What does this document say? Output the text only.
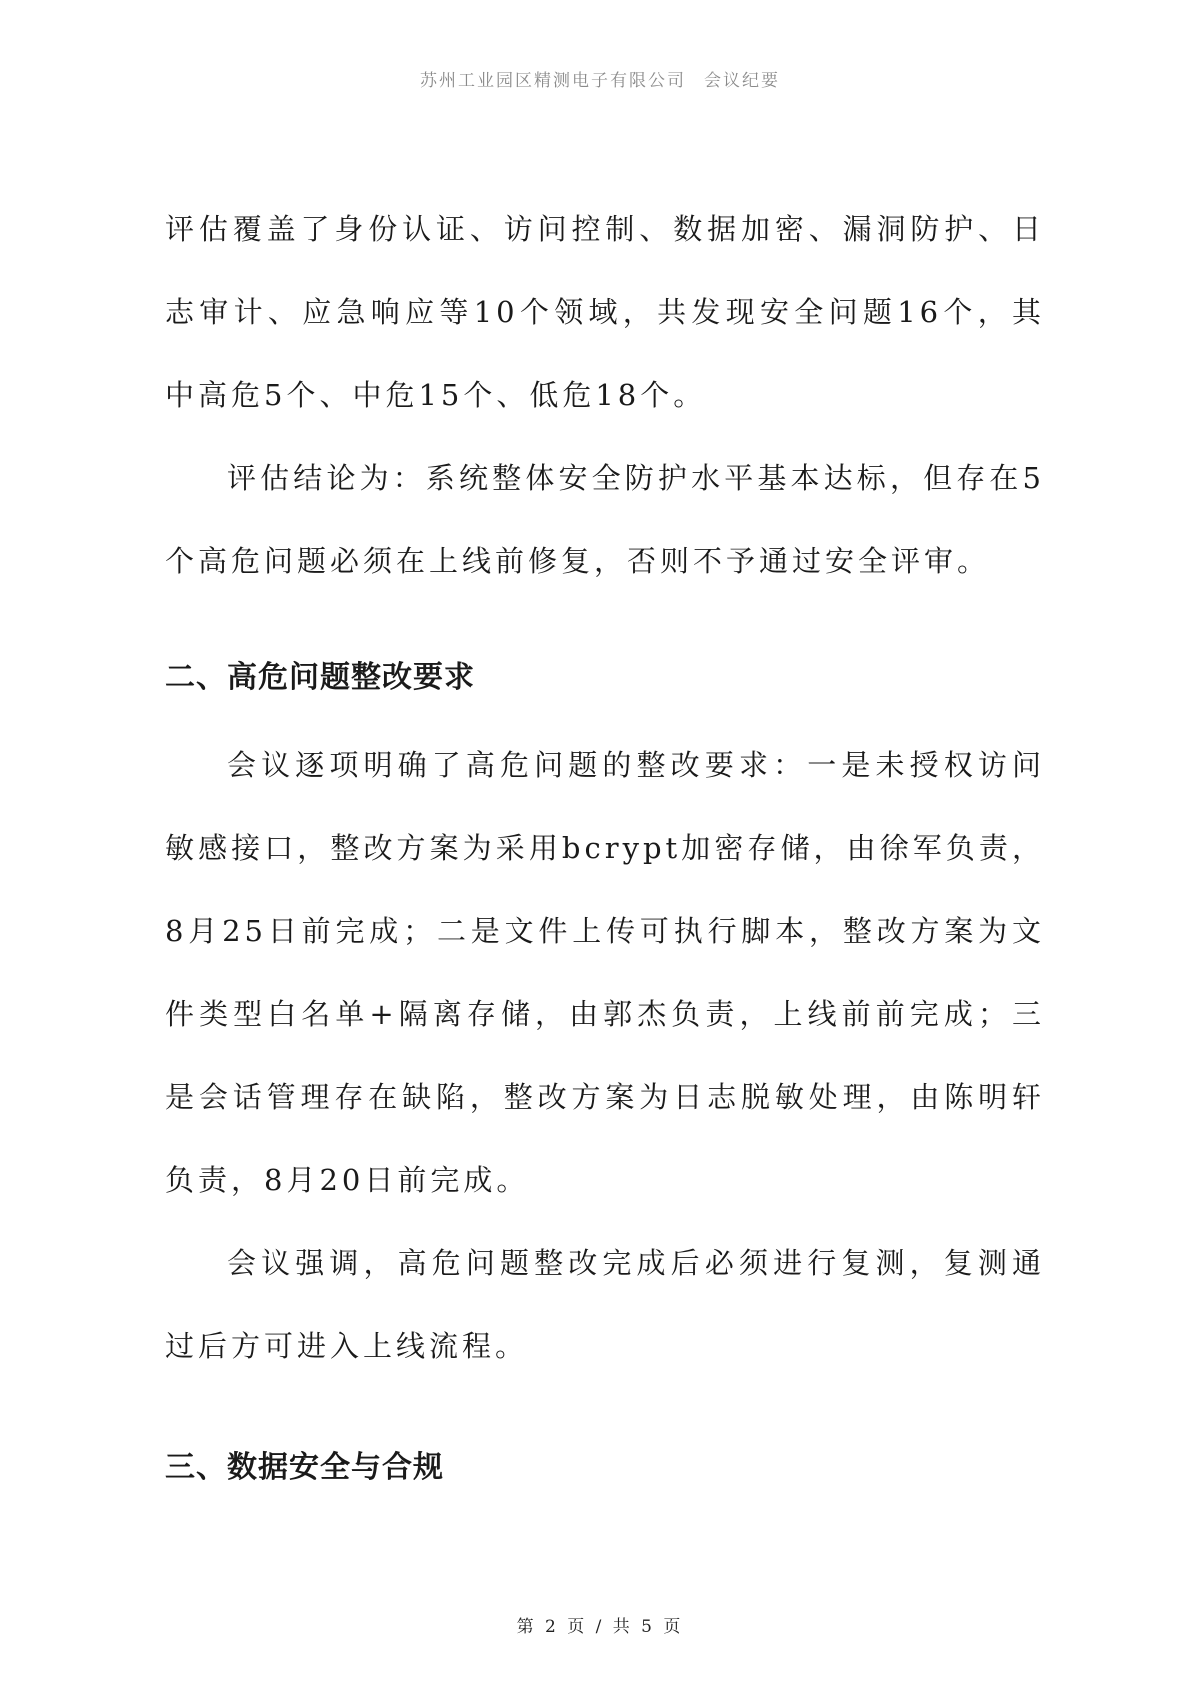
苏州工业园区精测电子有限公司 会议纪要

评估覆盖了身份认证、访问控制、数据加密、漏洞防护、日志审计、应急响应等10个领域，共发现安全问题16个，其中高危5个、中危15个、低危18个。

评估结论为：系统整体安全防护水平基本达标，但存在5个高危问题必须在上线前修复，否则不予通过安全评审。

二、高危问题整改要求

会议逐项明确了高危问题的整改要求：一是未授权访问敏感接口，整改方案为采用bcrypt加密存储，由徐军负责，8月25日前完成；二是文件上传可执行脚本，整改方案为文件类型白名单+隔离存储，由郭杰负责，上线前前完成；三是会话管理存在缺陷，整改方案为日志脱敏处理，由陈明轩负责，8月20日前完成。

会议强调，高危问题整改完成后必须进行复测，复测通过后方可进入上线流程。

三、数据安全与合规
第 2 页 / 共 5 页
